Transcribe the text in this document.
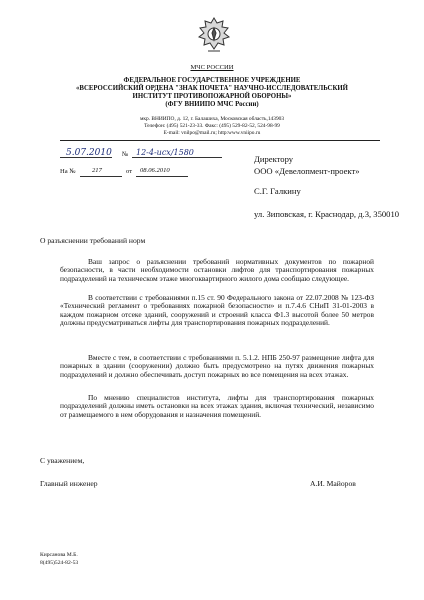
МЧС РОССИИ
ФЕДЕРАЛЬНОЕ ГОСУДАРСТВЕННОЕ УЧРЕЖДЕНИЕ
«ВСЕРОССИЙСКИЙ ОРДЕНА "ЗНАК ПОЧЕТА" НАУЧНО-ИССЛЕДОВАТЕЛЬСКИЙ
ИНСТИТУТ ПРОТИВОПОЖАРНОЙ ОБОРОНЫ»
(ФГУ ВНИИПО МЧС России)
мкр. ВНИИПО, д. 12, г. Балашиха, Московская область,143903
Телефон: (495) 521-23-33. Факс: (495) 529-82-52, 524-98-99
E-mail: vnilpo@mail.ru; http:www.vniipo.ru
5.07.2010 № 12-4-исх/1580
На № 217	от 08.06.2010
Директору
ООО «Девелопмент-проект»
С.Г. Галкину
ул. Зиповская, г. Краснодар, д.3, 350010
О разъяснении требований норм
Ваш запрос о разъяснении требований нормативных документов по пожарной безопасности, в части необходимости остановки лифтов для транспортирования пожарных подразделений на техническом этаже многоквартирного жилого дома сообщаю следующее.
В соответствии с требованиями п.15 ст. 90 Федерального закона от 22.07.2008 № 123-ФЗ «Технический регламент о требованиях пожарной безопасности» и п.7.4.6 СНиП 31-01-2003 в каждом пожарном отсеке зданий, сооружений и строений класса Ф1.3 высотой более 50 метров должны предусматриваться лифты для транспортирования пожарных подразделений.
Вместе с тем, в соответствии с требованиями п. 5.1.2. НПБ 250-97 размещение лифта для пожарных в здании (сооружении) должно быть предусмотрено на путях движения пожарных подразделений и должно обеспечивать доступ пожарных во все помещения на всех этажах.
По мнению специалистов института, лифты для транспортирования пожарных подразделений должны иметь остановки на всех этажах здания, включая технический, независимо от размещаемого в нем оборудования и назначения помещений.
С уважением,
Главный инженер	А.И. Майоров
Кирсанова М.Б.
8(495)524-82-53
